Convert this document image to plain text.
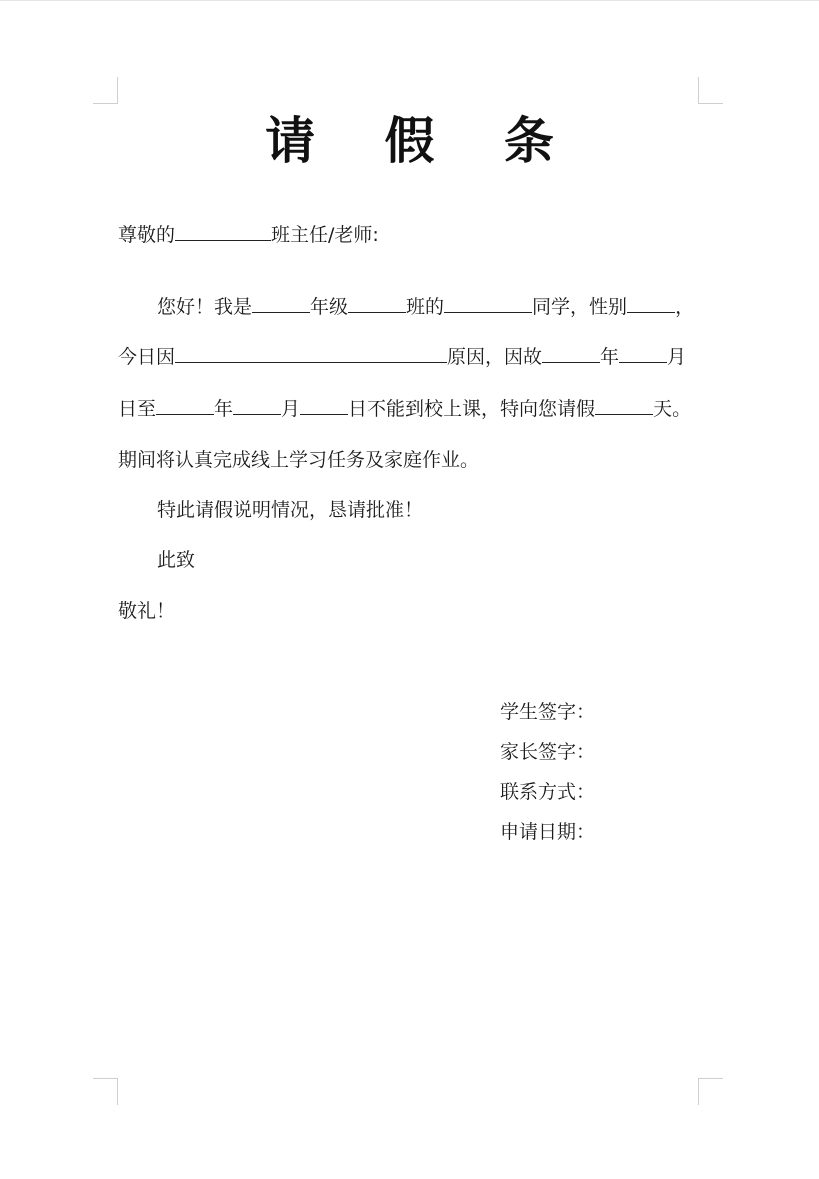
请 假 条
尊敬的	班主任/老师:
您好！我是	年级	班的	同学，性别	，
今日因	原因，因故	年	月
日至	年	月	日不能到校上课，特向您请假	天。
期间将认真完成线上学习任务及家庭作业。
特此请假说明情况，恳请批准！
此致
敬礼！
学生签字：
家长签字：
联系方式：
申请日期：
